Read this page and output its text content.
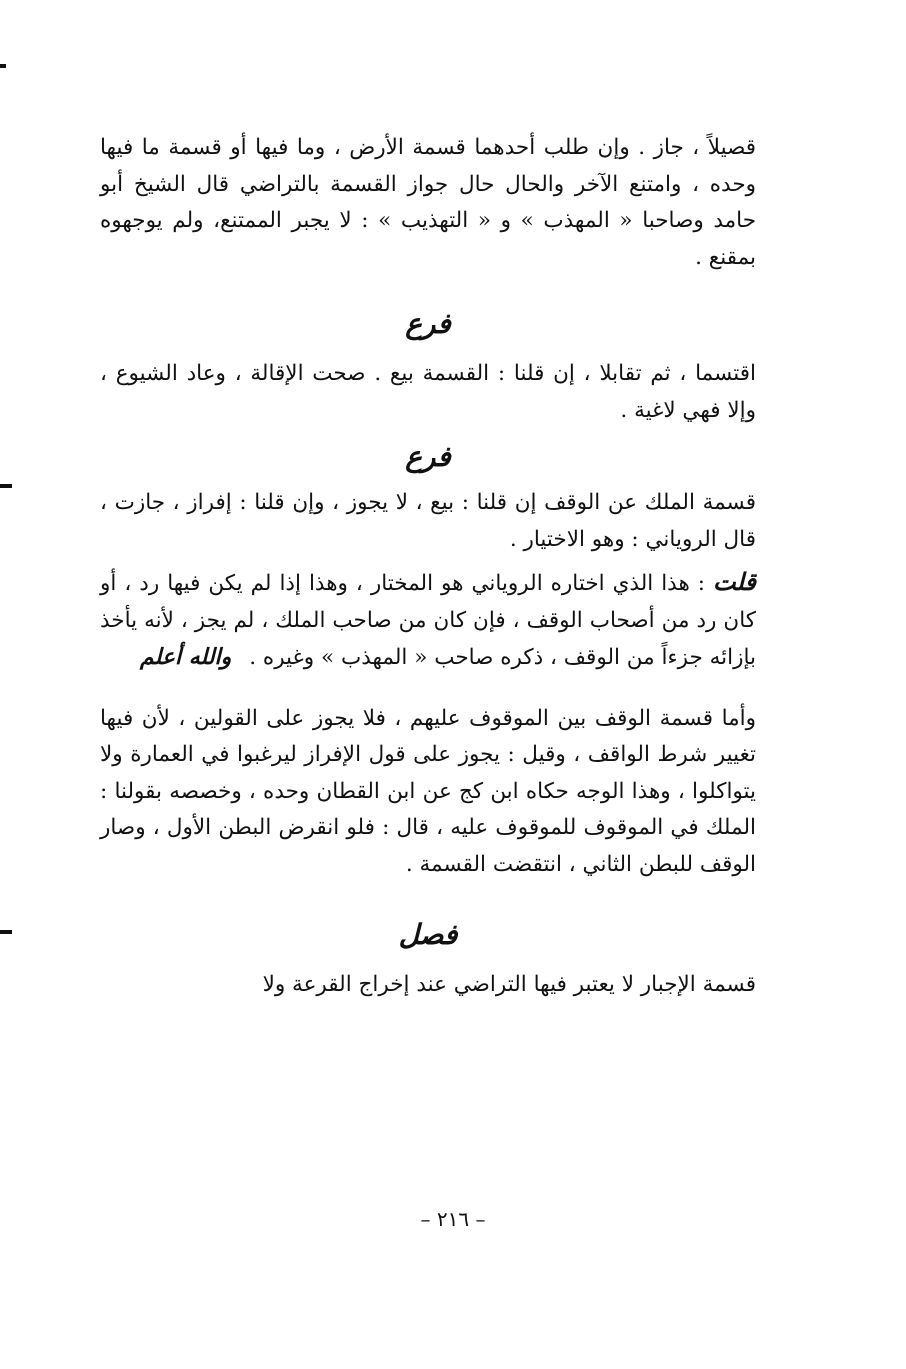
قصيلاً ، جاز . وإن طلب أحدهما قسمة الأرض ، وما فيها أو قسمة ما فيها وحده ، وامتنع الآخر والحال حال جواز القسمة بالتراضي قال الشيخ أبو حامد وصاحبا « المهذب » و « التهذيب » : لا يجبر الممتنع، ولم يوجهوه بمقنع .

فرع

اقتسما ، ثم تقابلا ، إن قلنا : القسمة بيع . صحت الإقالة ، وعاد الشيوع ، وإلا فهي لاغية .

فرع

قسمة الملك عن الوقف إن قلنا : بيع ، لا يجوز ، وإن قلنا : إفراز ، جازت ، قال الروياني : وهو الاختيار .

قلت : هذا الذي اختاره الروياني هو المختار ، وهذا إذا لم يكن فيها رد ، أو كان رد من أصحاب الوقف ، فإن كان من صاحب الملك ، لم يجز ، لأنه يأخذ بإزائه جزءاً من الوقف ، ذكره صاحب « المهذب » وغيره .والله أعلم

وأما قسمة الوقف بين الموقوف عليهم ، فلا يجوز على القولين ، لأن فيها تغيير شرط الواقف ، وقيل : يجوز على قول الإفراز ليرغبوا في العمارة ولا يتواكلوا ، وهذا الوجه حكاه ابن كج عن ابن القطان وحده ، وخصصه بقولنا : الملك في الموقوف للموقوف عليه ، قال : فلو انقرض البطن الأول ، وصار الوقف للبطن الثاني ، انتقضت القسمة .

فصل

قسمة الإجبار لا يعتبر فيها التراضي عند إخراج القرعة ولا

– ٢١٦ –
